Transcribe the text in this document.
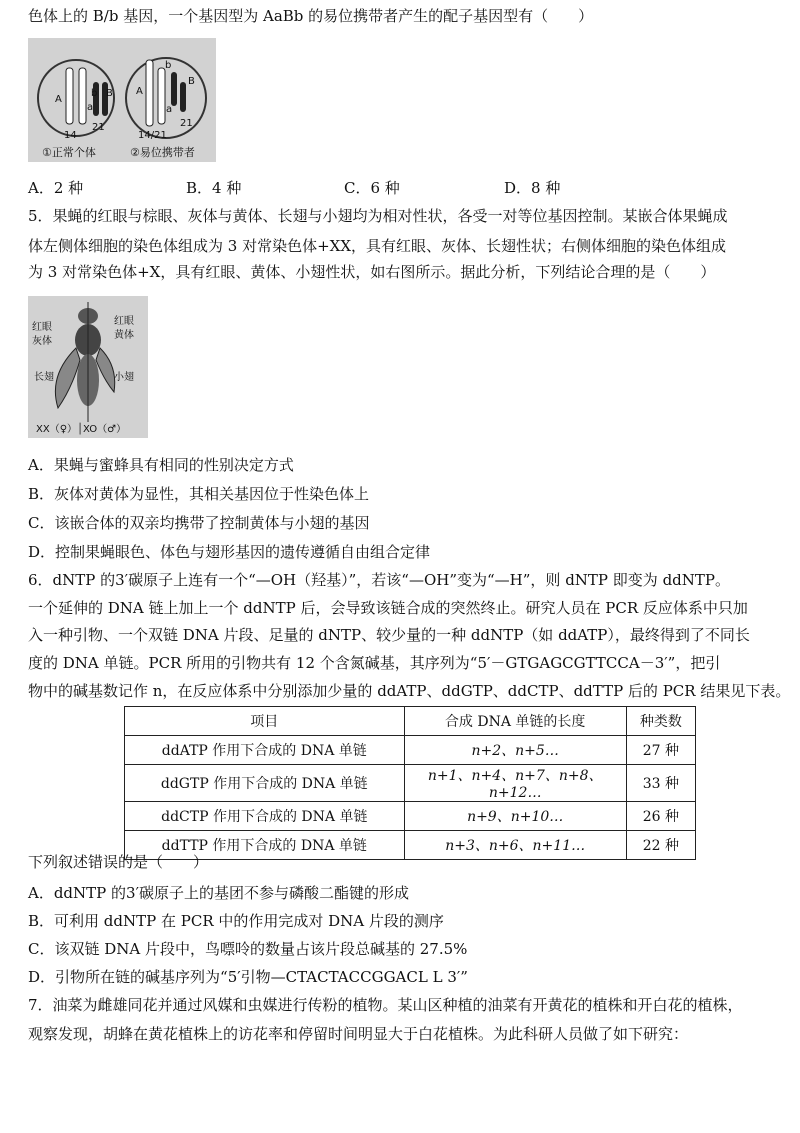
色体上的 B/b 基因，一个基因型为 AaBb 的易位携带者产生的配子基因型有（　　）
A
a
B
b
14
21
b
B
A
a
21
14/21
①正常个体	②易位携带者
A．2 种	B．4 种	C．6 种	D．8 种
5．果蝇的红眼与棕眼、灰体与黄体、长翅与小翅均为相对性状，各受一对等位基因控制。某嵌合体果蝇成
体左侧体细胞的染色体组成为 3 对常染色体+XX，具有红眼、灰体、长翅性状；右侧体细胞的染色体组成
为 3 对常染色体+X，具有红眼、黄体、小翅性状，如右图所示。据此分析，下列结论合理的是（　　）
红眼
灰体
长翅
红眼
黄体
小翅
XX（♀）│XO（♂）
A．果蝇与蜜蜂具有相同的性别决定方式
B．灰体对黄体为显性，其相关基因位于性染色体上
C．该嵌合体的双亲均携带了控制黄体与小翅的基因
D．控制果蝇眼色、体色与翅形基因的遗传遵循自由组合定律
6．dNTP 的3′碳原子上连有一个“—OH（羟基）”，若该“—OH”变为“—H”，则 dNTP 即变为 ddNTP。
一个延伸的 DNA 链上加上一个 ddNTP 后，会导致该链合成的突然终止。研究人员在 PCR 反应体系中只加
入一种引物、一个双链 DNA 片段、足量的 dNTP、较少量的一种 ddNTP（如 ddATP），最终得到了不同长
度的 DNA 单链。PCR 所用的引物共有 12 个含氮碱基，其序列为“5′－GTGAGCGTTCCA－3′”，把引
物中的碱基数记作 n，在反应体系中分别添加少量的 ddATP、ddGTP、ddCTP、ddTTP 后的 PCR 结果见下表。
项目	合成 DNA 单链的长度	种类数
ddATP 作用下合成的 DNA 单链	n+2、n+5…	27 种
ddGTP 作用下合成的 DNA 单链	n+1、n+4、n+7、n+8、n+12…	33 种
ddCTP 作用下合成的 DNA 单链	n+9、n+10…	26 种
ddTTP 作用下合成的 DNA 单链	n+3、n+6、n+11…	22 种
下列叙述错误的是（　　）
A．ddNTP 的3′碳原子上的基团不参与磷酸二酯键的形成
B．可利用 ddNTP 在 PCR 中的作用完成对 DNA 片段的测序
C．该双链 DNA 片段中，鸟嘌呤的数量占该片段总碱基的 27.5%
D．引物所在链的碱基序列为“5′引物—CTACTACCGGACL L 3′”
7．油菜为雌雄同花并通过风媒和虫媒进行传粉的植物。某山区种植的油菜有开黄花的植株和开白花的植株，
观察发现，胡蜂在黄花植株上的访花率和停留时间明显大于白花植株。为此科研人员做了如下研究：
